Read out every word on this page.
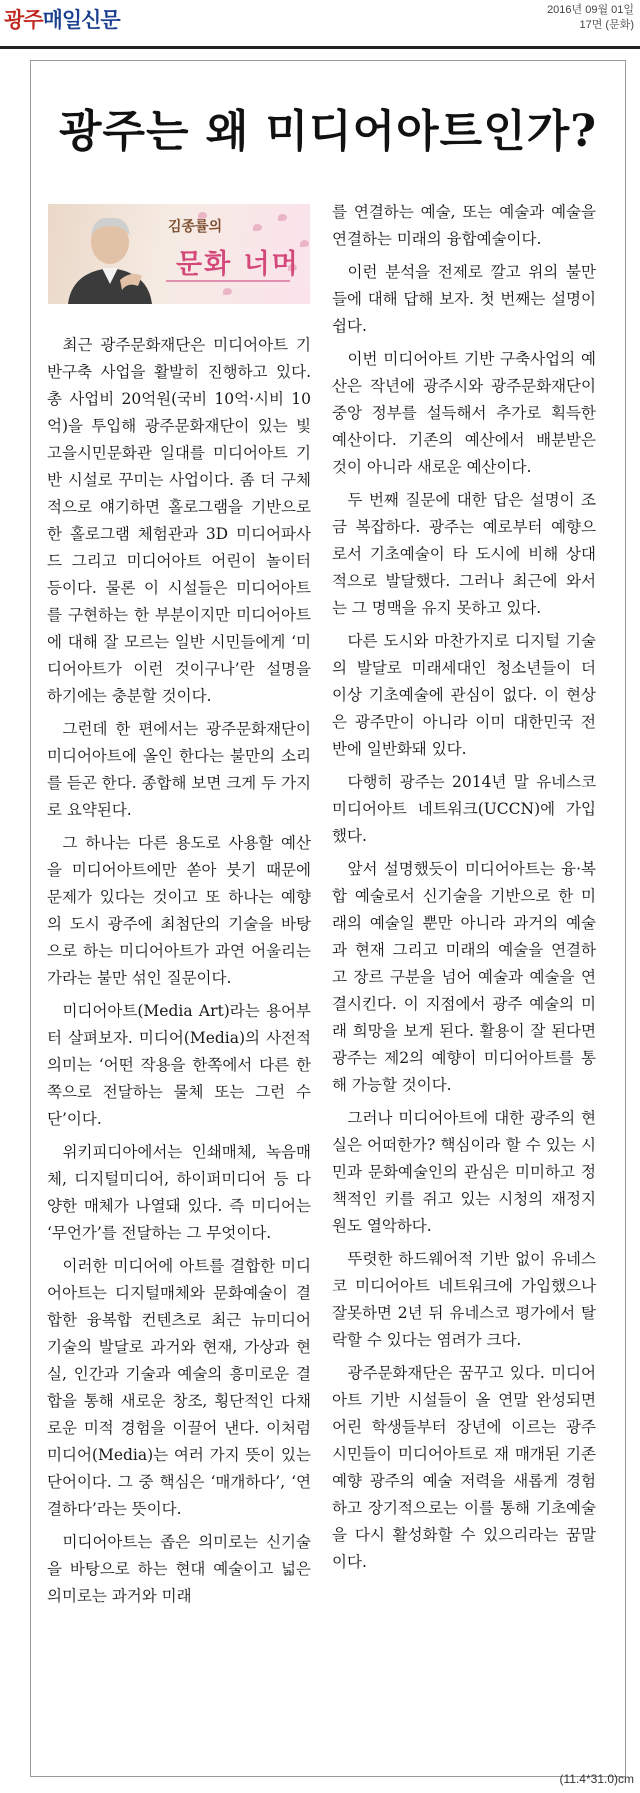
광주매일신문	2016년 09월 01일
17면 (문화)
광주는 왜 미디어아트인가?
김종률의
문화 너머

최근 광주문화재단은 미디어아트 기반구축 사업을 활발히 진행하고 있다. 총 사업비 20억원(국비 10억·시비 10억)을 투입해 광주문화재단이 있는 빛고을시민문화관 일대를 미디어아트 기반 시설로 꾸미는 사업이다. 좀 더 구체적으로 얘기하면 홀로그램을 기반으로 한 홀로그램 체험관과 3D 미디어파사드 그리고 미디어아트 어린이 놀이터 등이다. 물론 이 시설들은 미디어아트를 구현하는 한 부분이지만 미디어아트에 대해 잘 모르는 일반 시민들에게 ‘미디어아트가 이런 것이구나’란 설명을 하기에는 충분할 것이다.

그런데 한 편에서는 광주문화재단이 미디어아트에 올인 한다는 불만의 소리를 듣곤 한다. 종합해 보면 크게 두 가지로 요약된다.

그 하나는 다른 용도로 사용할 예산을 미디어아트에만 쏟아 붓기 때문에 문제가 있다는 것이고 또 하나는 예향의 도시 광주에 최첨단의 기술을 바탕으로 하는 미디어아트가 과연 어울리는가라는 불만 섞인 질문이다.

미디어아트(Media Art)라는 용어부터 살펴보자. 미디어(Media)의 사전적 의미는 ‘어떤 작용을 한쪽에서 다른 한 쪽으로 전달하는 물체 또는 그런 수단’이다.

위키피디아에서는 인쇄매체, 녹음매체, 디지털미디어, 하이퍼미디어 등 다양한 매체가 나열돼 있다. 즉 미디어는 ‘무언가’를 전달하는 그 무엇이다.

이러한 미디어에 아트를 결합한 미디어아트는 디지털매체와 문화예술이 결합한 융복합 컨텐츠로 최근 뉴미디어 기술의 발달로 과거와 현재, 가상과 현실, 인간과 기술과 예술의 흥미로운 결합을 통해 새로운 창조, 횡단적인 다채로운 미적 경험을 이끌어 낸다. 이처럼 미디어(Media)는 여러 가지 뜻이 있는 단어이다. 그 중 핵심은 ‘매개하다’, ‘연결하다’라는 뜻이다.

미디어아트는 좁은 의미로는 신기술을 바탕으로 하는 현대 예술이고 넓은 의미로는 과거와 미래

를 연결하는 예술, 또는 예술과 예술을 연결하는 미래의 융합예술이다.

이런 분석을 전제로 깔고 위의 불만들에 대해 답해 보자. 첫 번째는 설명이 쉽다.

이번 미디어아트 기반 구축사업의 예산은 작년에 광주시와 광주문화재단이 중앙 정부를 설득해서 추가로 획득한 예산이다. 기존의 예산에서 배분받은 것이 아니라 새로운 예산이다.

두 번째 질문에 대한 답은 설명이 조금 복잡하다. 광주는 예로부터 예향으로서 기초예술이 타 도시에 비해 상대적으로 발달했다. 그러나 최근에 와서는 그 명맥을 유지 못하고 있다.

다른 도시와 마찬가지로 디지털 기술의 발달로 미래세대인 청소년들이 더 이상 기초예술에 관심이 없다. 이 현상은 광주만이 아니라 이미 대한민국 전반에 일반화돼 있다.

다행히 광주는 2014년 말 유네스코 미디어아트 네트워크(UCCN)에 가입했다.

앞서 설명했듯이 미디어아트는 융·복합 예술로서 신기술을 기반으로 한 미래의 예술일 뿐만 아니라 과거의 예술과 현재 그리고 미래의 예술을 연결하고 장르 구분을 넘어 예술과 예술을 연결시킨다. 이 지점에서 광주 예술의 미래 희망을 보게 된다. 활용이 잘 된다면 광주는 제2의 예향이 미디어아트를 통해 가능할 것이다.

그러나 미디어아트에 대한 광주의 현실은 어떠한가? 핵심이라 할 수 있는 시민과 문화예술인의 관심은 미미하고 정책적인 키를 쥐고 있는 시청의 재정지원도 열악하다.

뚜렷한 하드웨어적 기반 없이 유네스코 미디어아트 네트워크에 가입했으나 잘못하면 2년 뒤 유네스코 평가에서 탈락할 수 있다는 염려가 크다.

광주문화재단은 꿈꾸고 있다. 미디어아트 기반 시설들이 올 연말 완성되면 어린 학생들부터 장년에 이르는 광주 시민들이 미디어아트로 재 매개된 기존 예향 광주의 예술 저력을 새롭게 경험하고 장기적으로는 이를 통해 기초예술을 다시 활성화할 수 있으리라는 꿈말이다.

(11.4*31.0)cm
